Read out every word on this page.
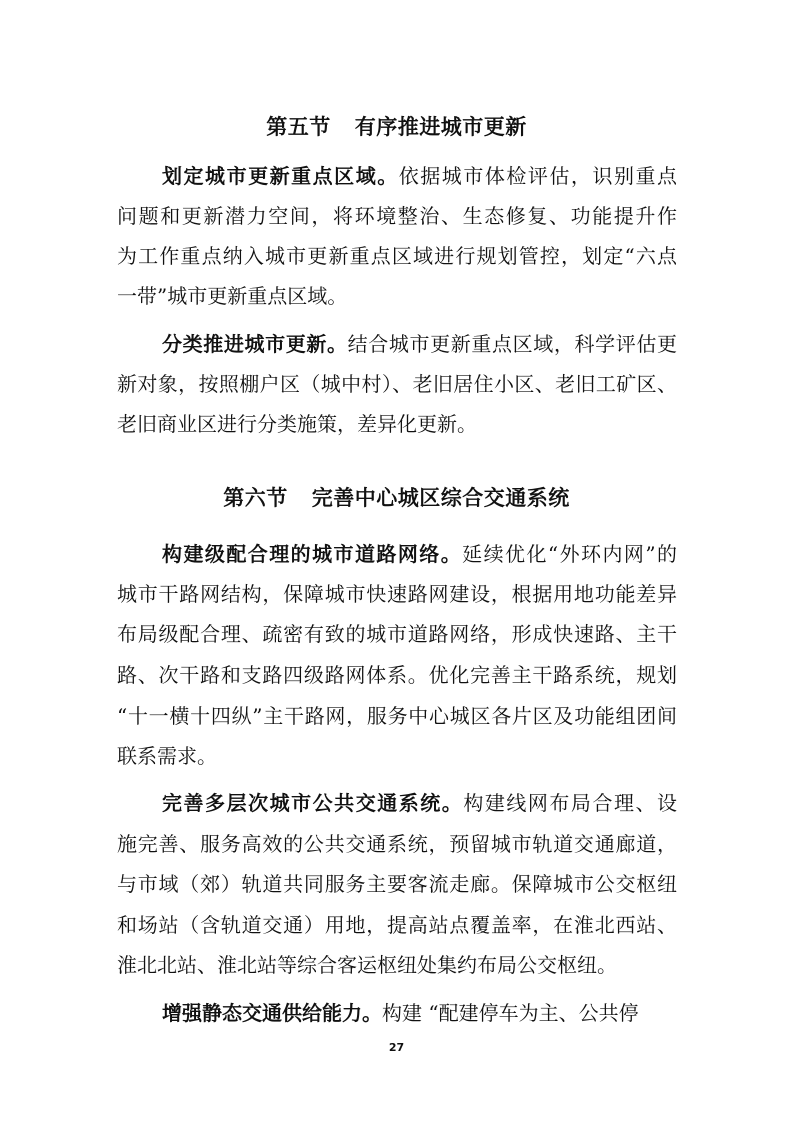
第五节 有序推进城市更新
划定城市更新重点区域。依据城市体检评估，识别重点
问题和更新潜力空间，将环境整治、生态修复、功能提升作
为工作重点纳入城市更新重点区域进行规划管控，划定“六点
一带”城市更新重点区域。
分类推进城市更新。结合城市更新重点区域，科学评估更
新对象，按照棚户区（城中村）、老旧居住小区、老旧工矿区、
老旧商业区进行分类施策，差异化更新。
第六节 完善中心城区综合交通系统
构建级配合理的城市道路网络。延续优化“外环内网”的
城市干路网结构，保障城市快速路网建设，根据用地功能差异
布局级配合理、疏密有致的城市道路网络，形成快速路、主干
路、次干路和支路四级路网体系。优化完善主干路系统，规划
“十一横十四纵”主干路网，服务中心城区各片区及功能组团间
联系需求。
完善多层次城市公共交通系统。构建线网布局合理、设
施完善、服务高效的公共交通系统，预留城市轨道交通廊道，
与市域（郊）轨道共同服务主要客流走廊。保障城市公交枢纽
和场站（含轨道交通）用地，提高站点覆盖率，在淮北西站、
淮北北站、淮北站等综合客运枢纽处集约布局公交枢纽。
增强静态交通供给能力。构建 “配建停车为主、公共停
27
